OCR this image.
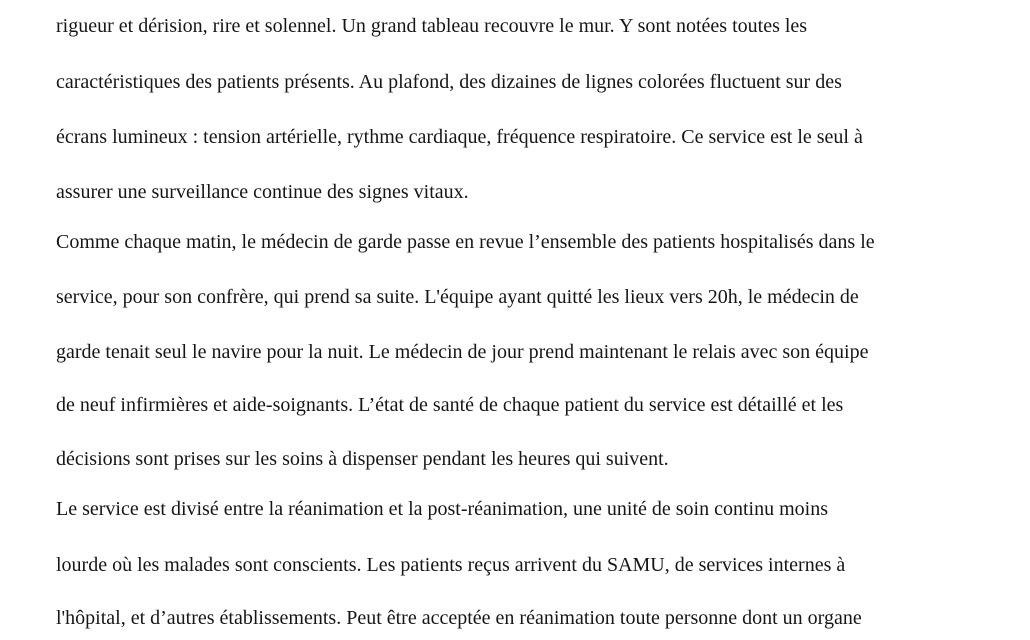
rigueur et dérision, rire et solennel. Un grand tableau recouvre le mur. Y sont notées toutes les
caractéristiques des patients présents. Au plafond, des dizaines de lignes colorées fluctuent sur des
écrans lumineux : tension artérielle, rythme cardiaque, fréquence respiratoire. Ce service est le seul à
assurer une surveillance continue des signes vitaux.
Comme chaque matin, le médecin de garde passe en revue l’ensemble des patients hospitalisés dans le
service, pour son confrère, qui prend sa suite. L'équipe ayant quitté les lieux vers 20h, le médecin de
garde tenait seul le navire pour la nuit. Le médecin de jour prend maintenant le relais avec son équipe
de neuf infirmières et aide-soignants. L’état de santé de chaque patient du service est détaillé et les
décisions sont prises sur les soins à dispenser pendant les heures qui suivent.
Le service est divisé entre la réanimation et la post-réanimation, une unité de soin continu moins
lourde où les malades sont conscients. Les patients reçus arrivent du SAMU, de services internes à
l'hôpital, et d’autres établissements. Peut être acceptée en réanimation toute personne dont un organe
